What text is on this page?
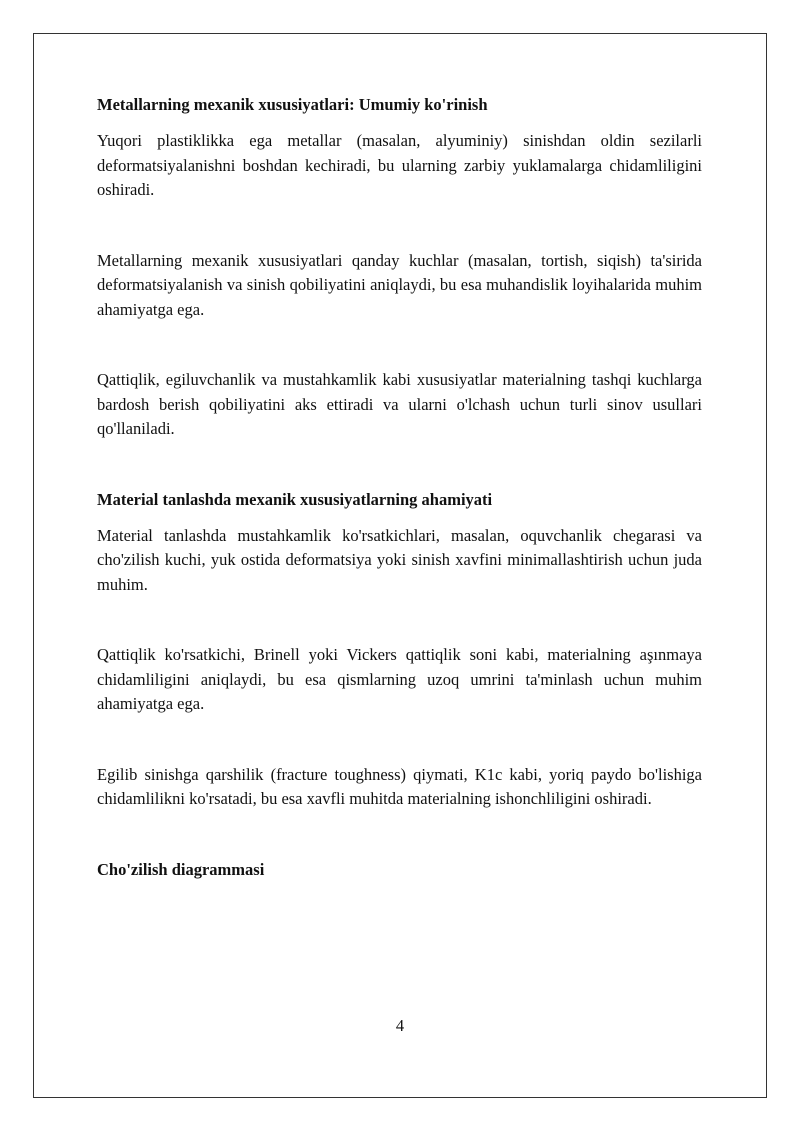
Metallarning mexanik xususiyatlari: Umumiy ko'rinish

Yuqori plastiklikka ega metallar (masalan, alyuminiy) sinishdan oldin sezilarli deformatsiyalanishni boshdan kechiradi, bu ularning zarbiy yuklamalarga chidamliligini oshiradi.

Metallarning mexanik xususiyatlari qanday kuchlar (masalan, tortish, siqish) ta'sirida deformatsiyalanish va sinish qobiliyatini aniqlaydi, bu esa muhandislik loyihalarida muhim ahamiyatga ega.

Qattiqlik, egiluvchanlik va mustahkamlik kabi xususiyatlar materialning tashqi kuchlarga bardosh berish qobiliyatini aks ettiradi va ularni o'lchash uchun turli sinov usullari qo'llaniladi.

Material tanlashda mexanik xususiyatlarning ahamiyati

Material tanlashda mustahkamlik ko'rsatkichlari, masalan, oquvchanlik chegarasi va cho'zilish kuchi, yuk ostida deformatsiya yoki sinish xavfini minimallashtirish uchun juda muhim.

Qattiqlik ko'rsatkichi, Brinell yoki Vickers qattiqlik soni kabi, materialning aşınmaya chidamliligini aniqlaydi, bu esa qismlarning uzoq umrini ta'minlash uchun muhim ahamiyatga ega.

Egilib sinishga qarshilik (fracture toughness) qiymati, K1c kabi, yoriq paydo bo'lishiga chidamlilikni ko'rsatadi, bu esa xavfli muhitda materialning ishonchliligini oshiradi.

Cho'zilish diagrammasi
4
